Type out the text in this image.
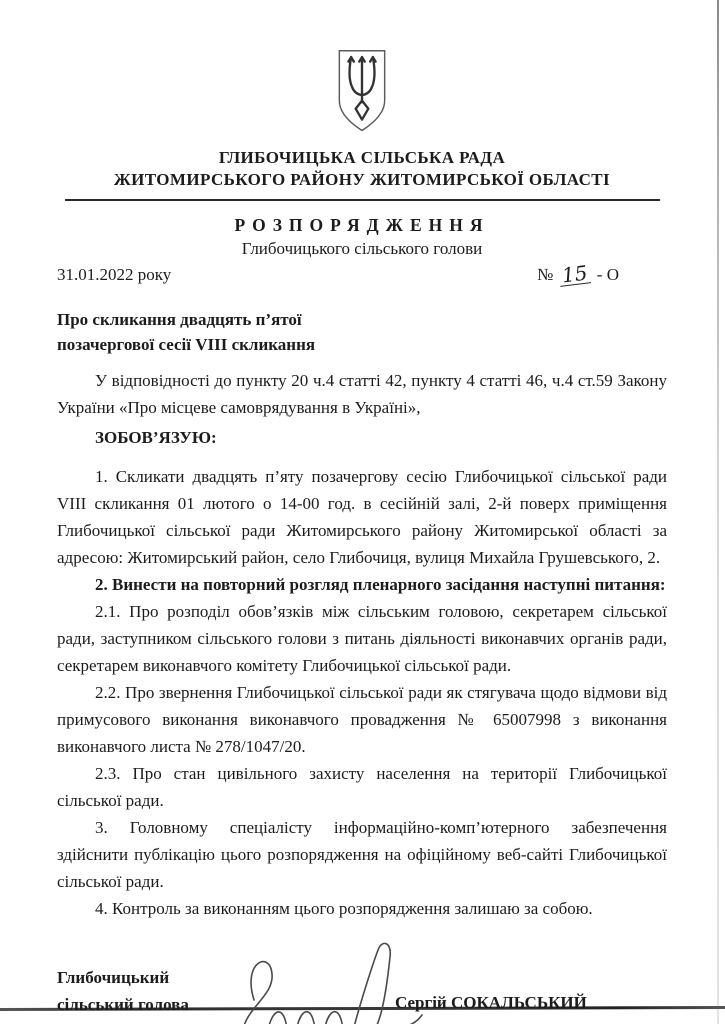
ГЛИБОЧИЦЬКА СІЛЬСЬКА РАДА
ЖИТОМИРСЬКОГО РАЙОНУ ЖИТОМИРСЬКОЇ ОБЛАСТІ
РОЗПОРЯДЖЕННЯ
Глибочицького сільського голови
31.01.2022 року	№ 15 - О
Про скликання двадцять п’ятої
позачергової сесії VIII скликання

У відповідності до пункту 20 ч.4 статті 42, пункту 4 статті 46, ч.4 ст.59 Закону України «Про місцеве самоврядування в Україні»,

ЗОБОВ’ЯЗУЮ:

1. Скликати двадцять п’яту позачергову сесію Глибочицької сільської ради VIII скликання 01 лютого о 14-00 год. в сесійній залі, 2-й поверх приміщення Глибочицької сільської ради Житомирського району Житомирської області за адресою: Житомирський район, село Глибочиця, вулиця Михайла Грушевського, 2.

2. Винести на повторний розгляд пленарного засідання наступні питання:

2.1. Про розподіл обов’язків між сільським головою, секретарем сільської ради, заступником сільського голови з питань діяльності виконавчих органів ради, секретарем виконавчого комітету Глибочицької сільської ради.

2.2. Про звернення Глибочицької сільської ради як стягувача щодо відмови від примусового виконання виконавчого провадження № 65007998 з виконання виконавчого листа № 278/1047/20.

2.3. Про стан цивільного захисту населення на території Глибочицької сільської ради.

3. Головному спеціалісту інформаційно-комп’ютерного забезпечення здійснити публікацію цього розпорядження на офіційному веб-сайті Глибочицької сільської ради.

4. Контроль за виконанням цього розпорядження залишаю за собою.

Глибочицький
сільський голова	Сергій СОКАЛЬСЬКИЙ
